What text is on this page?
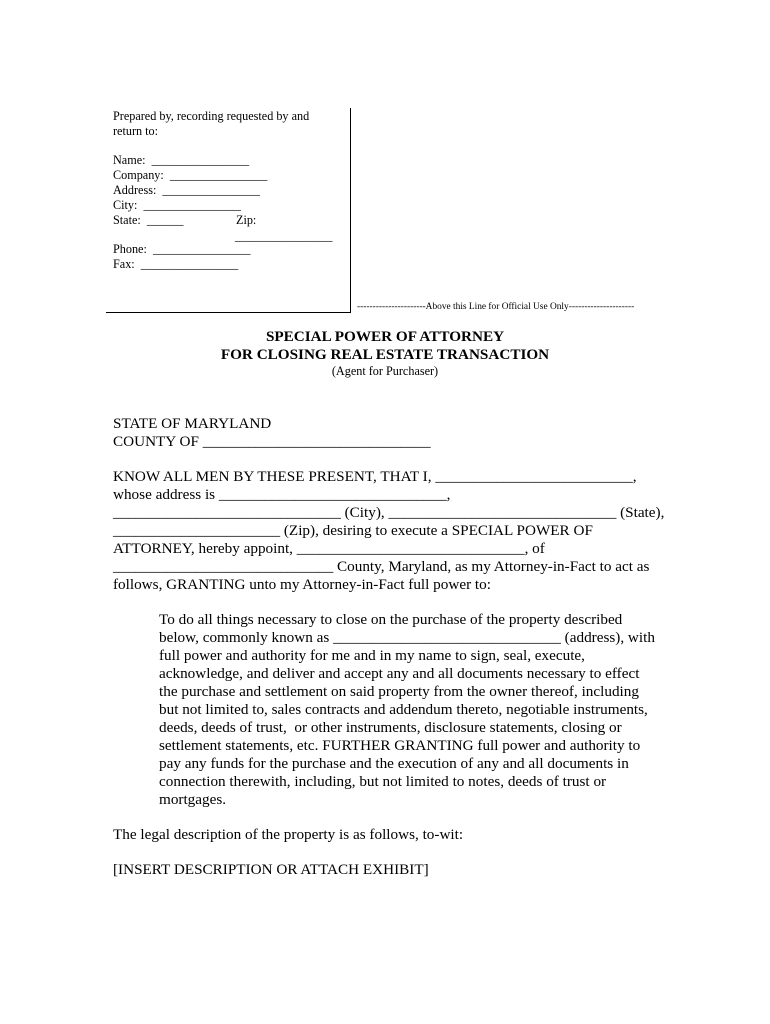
Prepared by, recording requested by and
return to:
Name:  ________________
Company:  ________________
Address:  ________________
City:  ________________
State:  ______	Zip:
________________
Phone:  ________________
Fax:  ________________
----------------------Above this Line for Official Use Only---------------------
SPECIAL POWER OF ATTORNEY
FOR CLOSING REAL ESTATE TRANSACTION
(Agent for Purchaser)
STATE OF MARYLAND
COUNTY OF ______________________________
KNOW ALL MEN BY THESE PRESENT, THAT I, __________________________,
whose address is ______________________________,
______________________________ (City), ______________________________ (State),
______________________ (Zip), desiring to execute a SPECIAL POWER OF
ATTORNEY, hereby appoint, ______________________________, of
_____________________________ County, Maryland, as my Attorney-in-Fact to act as
follows, GRANTING unto my Attorney-in-Fact full power to:
To do all things necessary to close on the purchase of the property described
below, commonly known as ______________________________ (address), with
full power and authority for me and in my name to sign, seal, execute,
acknowledge, and deliver and accept any and all documents necessary to effect
the purchase and settlement on said property from the owner thereof, including
but not limited to, sales contracts and addendum thereto, negotiable instruments,
deeds, deeds of trust,  or other instruments, disclosure statements, closing or
settlement statements, etc. FURTHER GRANTING full power and authority to
pay any funds for the purchase and the execution of any and all documents in
connection therewith, including, but not limited to notes, deeds of trust or
mortgages.
The legal description of the property is as follows, to-wit:
[INSERT DESCRIPTION OR ATTACH EXHIBIT]
